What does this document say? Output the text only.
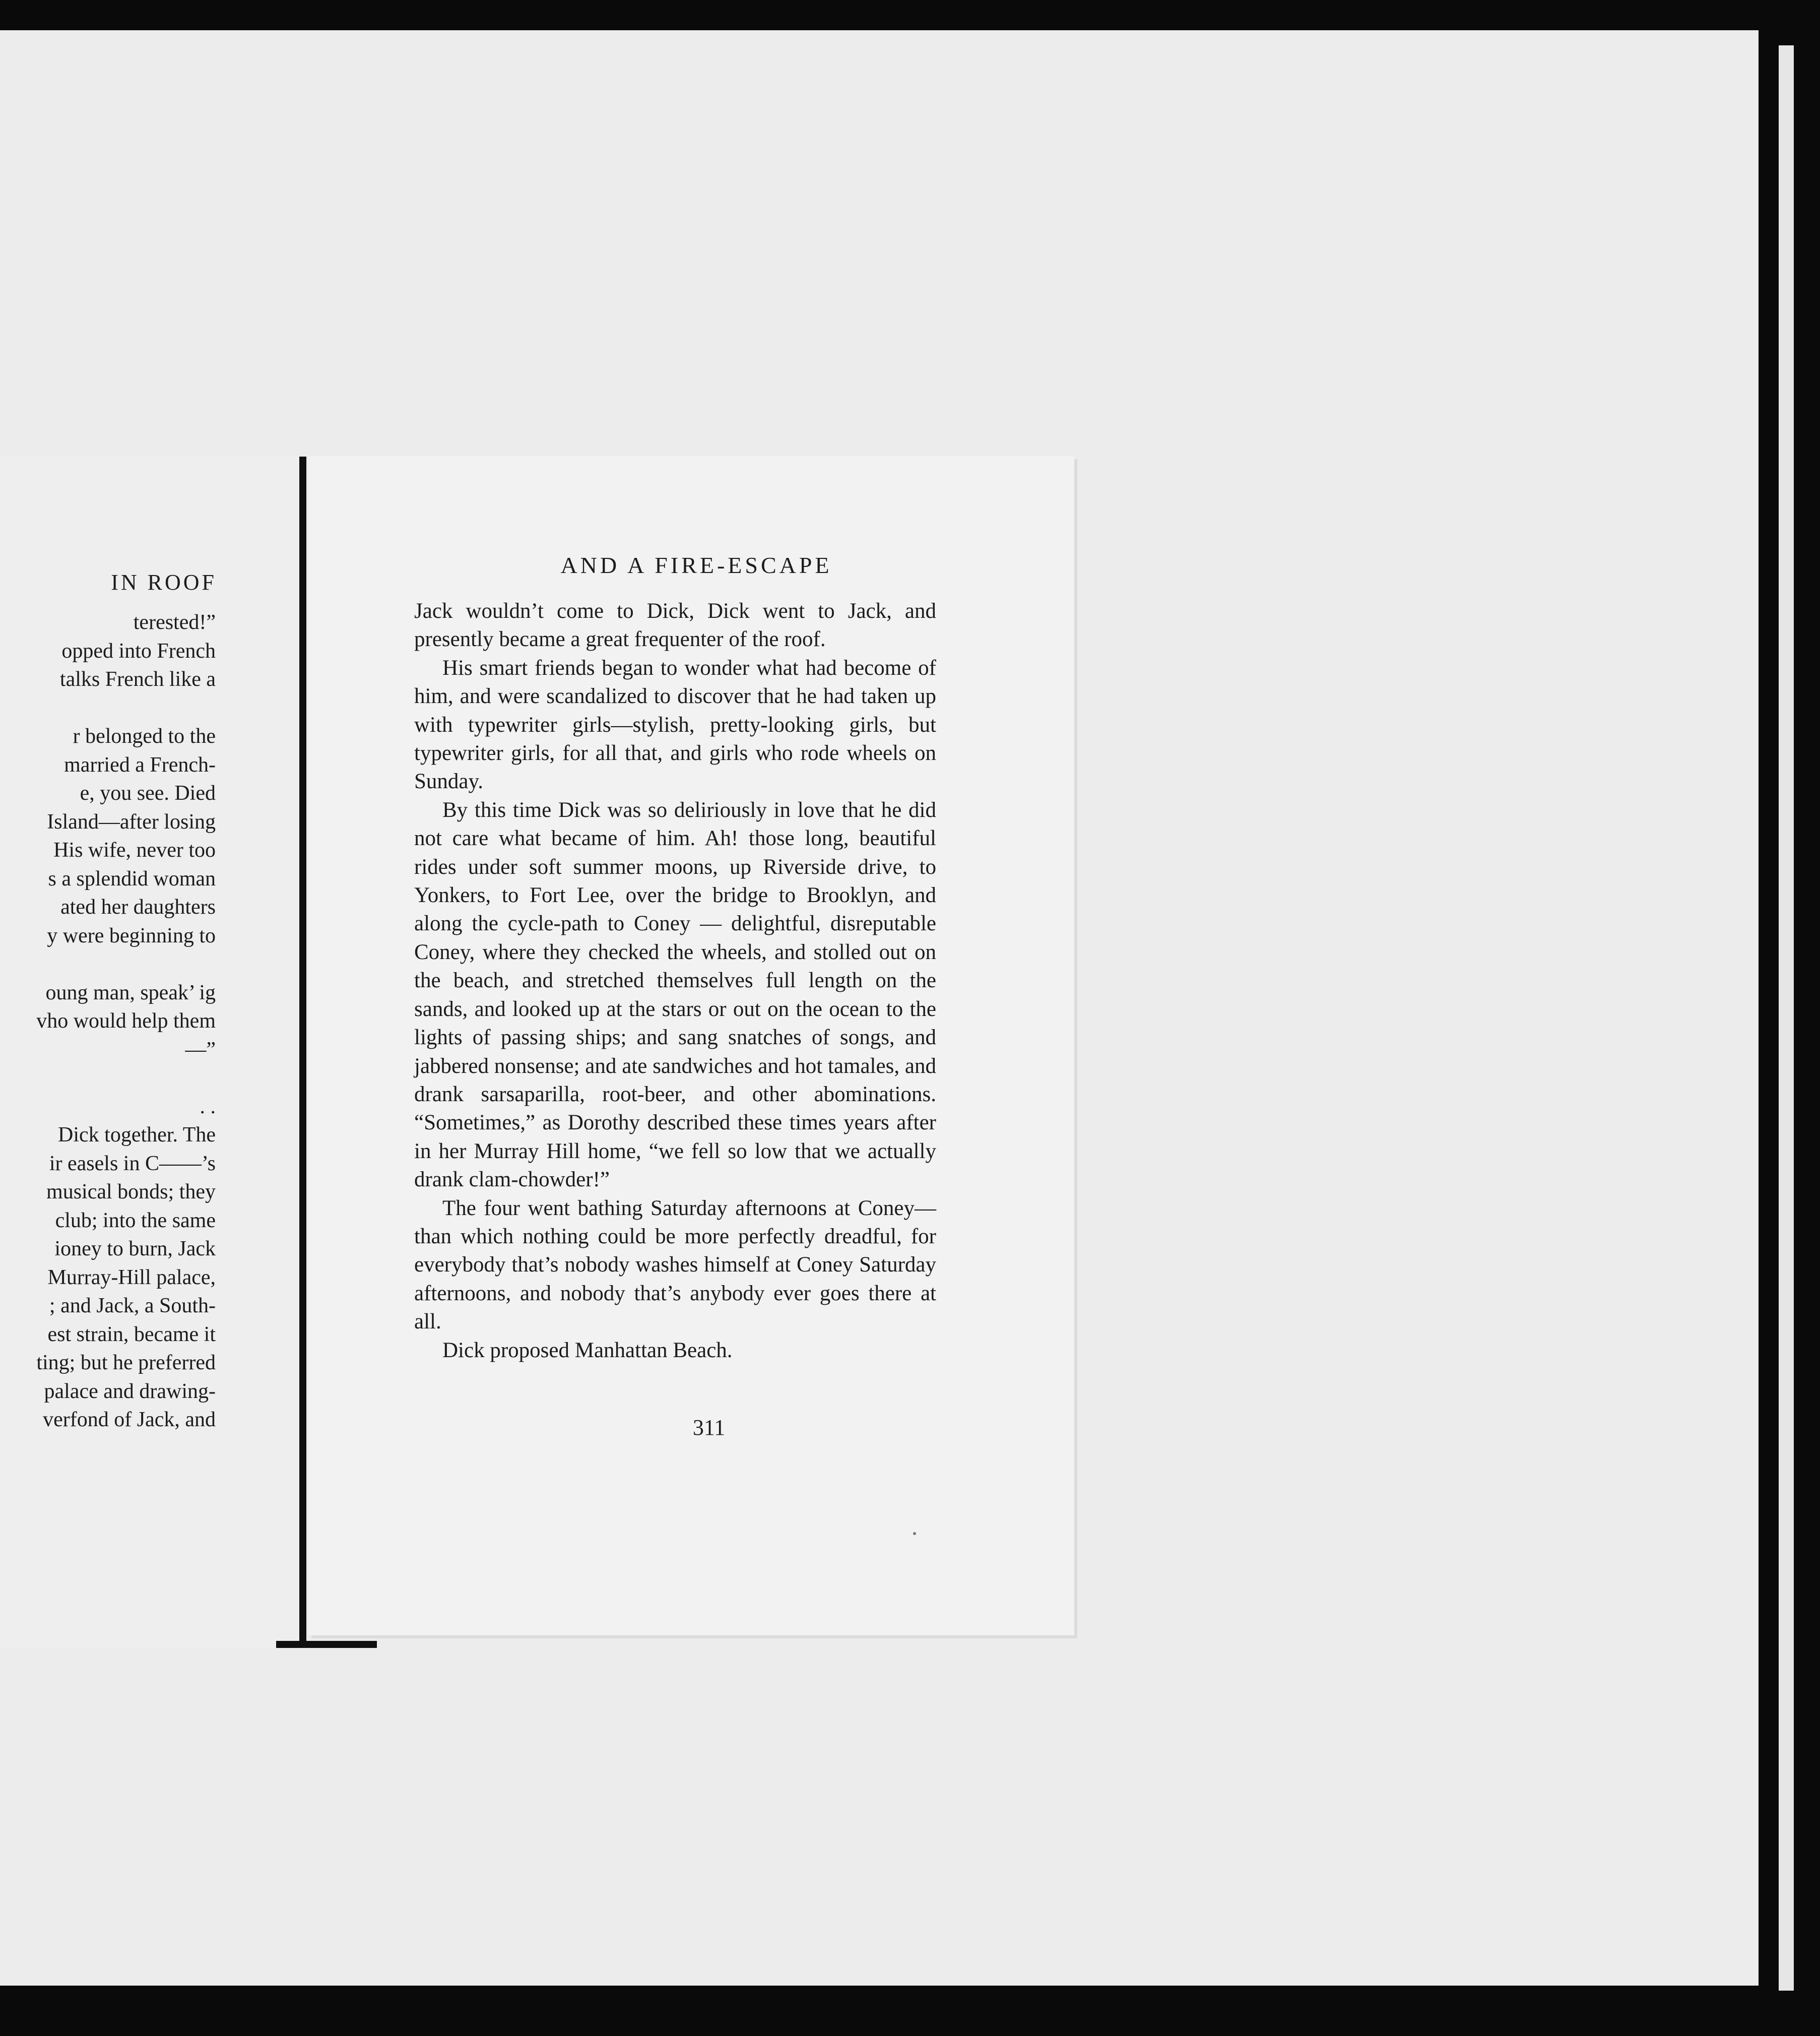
IN ROOF
terested!”
opped into French
talks French like a
r belonged to the
married a French-
e, you see. Died
Island—after losing
His wife, never too
s a splendid woman
ated her daughters
y were beginning to
oung man, speak’ ig
vho would help them
—”
. .
Dick together. The
ir easels in C——’s
musical bonds; they
club; into the same
ioney to burn, Jack
Murray-Hill palace,
; and Jack, a South-
est strain, became it
ting; but he preferred
palace and drawing-
verfond of Jack, and
AND A FIRE-ESCAPE

Jack wouldn’t come to Dick, Dick went to Jack, and presently became a great frequenter of the roof.

His smart friends began to wonder what had become of him, and were scandalized to discover that he had taken up with typewriter girls—stylish, pretty-looking girls, but typewriter girls, for all that, and girls who rode wheels on Sunday.

By this time Dick was so deliriously in love that he did not care what became of him. Ah! those long, beautiful rides under soft summer moons, up Riverside drive, to Yonkers, to Fort Lee, over the bridge to Brooklyn, and along the cycle-path to Coney — delightful, disreputable Coney, where they checked the wheels, and stolled out on the beach, and stretched themselves full length on the sands, and looked up at the stars or out on the ocean to the lights of passing ships; and sang snatches of songs, and jabbered nonsense; and ate sandwiches and hot tamales, and drank sarsaparilla, root-beer, and other abominations. “Sometimes,” as Dorothy described these times years after in her Murray Hill home, “we fell so low that we actually drank clam-chowder!”

The four went bathing Saturday afternoons at Coney—than which nothing could be more perfectly dreadful, for everybody that’s nobody washes himself at Coney Saturday afternoons, and nobody that’s anybody ever goes there at all.

Dick proposed Manhattan Beach.

311
